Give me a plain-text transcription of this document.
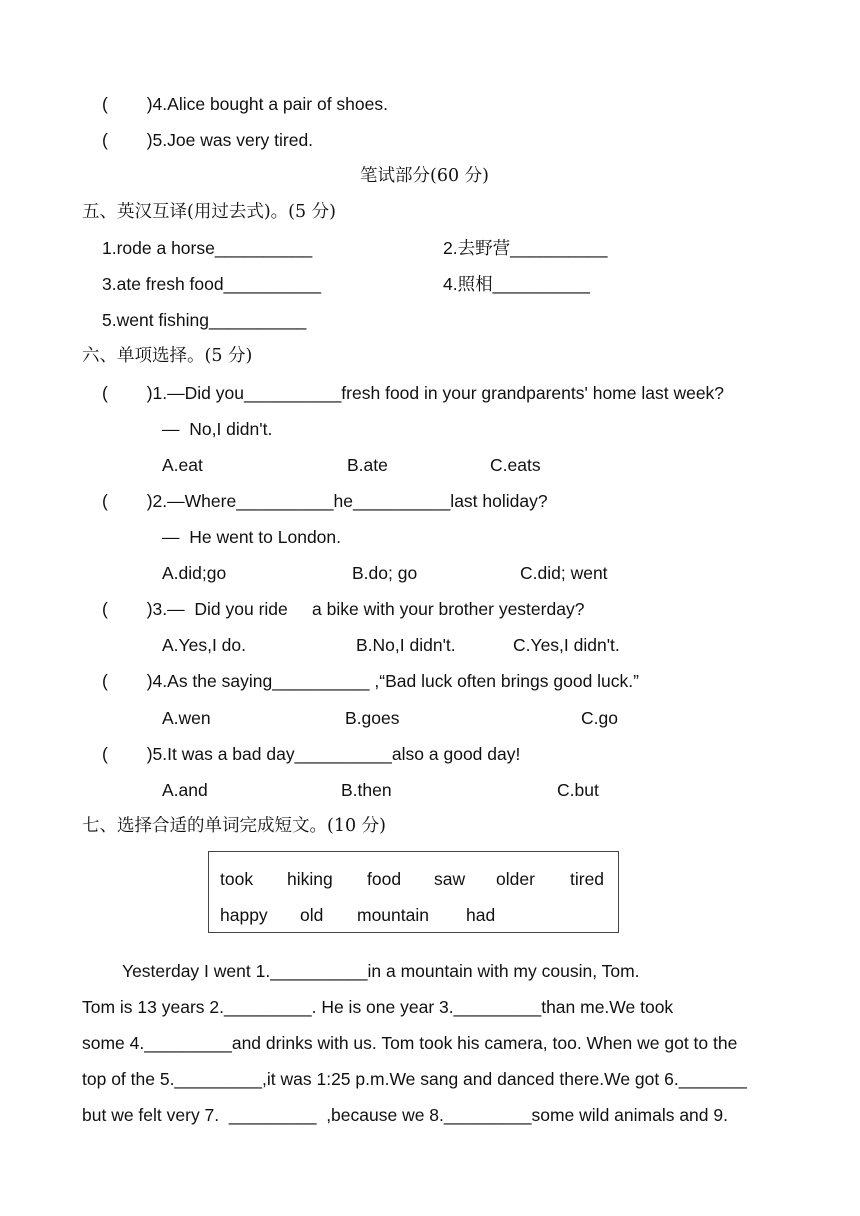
(        )4.Alice bought a pair of shoes.
(        )5.Joe was very tired.
笔试部分(60 分)
五、英汉互译(用过去式)。(5 分)
1.rode a horse__________	2.去野营__________
3.ate fresh food__________	4.照相__________
5.went fishing__________
六、单项选择。(5 分)
(        )1.—Did you__________fresh food in your grandparents' home last week?
—  No,I didn't.
A.eat	B.ate	C.eats
(        )2.—Where__________he__________last holiday?
—  He went to London.
A.did;go	B.do; go	C.did; went
(        )3.—  Did you ride     a bike with your brother yesterday?
A.Yes,I do.	B.No,I didn't.	C.Yes,I didn't.
(        )4.As the saying__________ ,“Bad luck often brings good luck.”
A.wen	B.goes	C.go
(        )5.It was a bad day__________also a good day!
A.and	B.then	C.but
七、选择合适的单词完成短文。(10 分)
took hiking food saw older tired
happy old mountain had
Yesterday I went 1.__________in a mountain with my cousin, Tom.
Tom is 13 years 2._________. He is one year 3._________than me.We took
some 4._________and drinks with us. Tom took his camera, too. When we got to the
top of the 5._________,it was 1:25 p.m.We sang and danced there.We got 6._______
but we felt very 7.  _________  ,because we 8._________some wild animals and 9.
